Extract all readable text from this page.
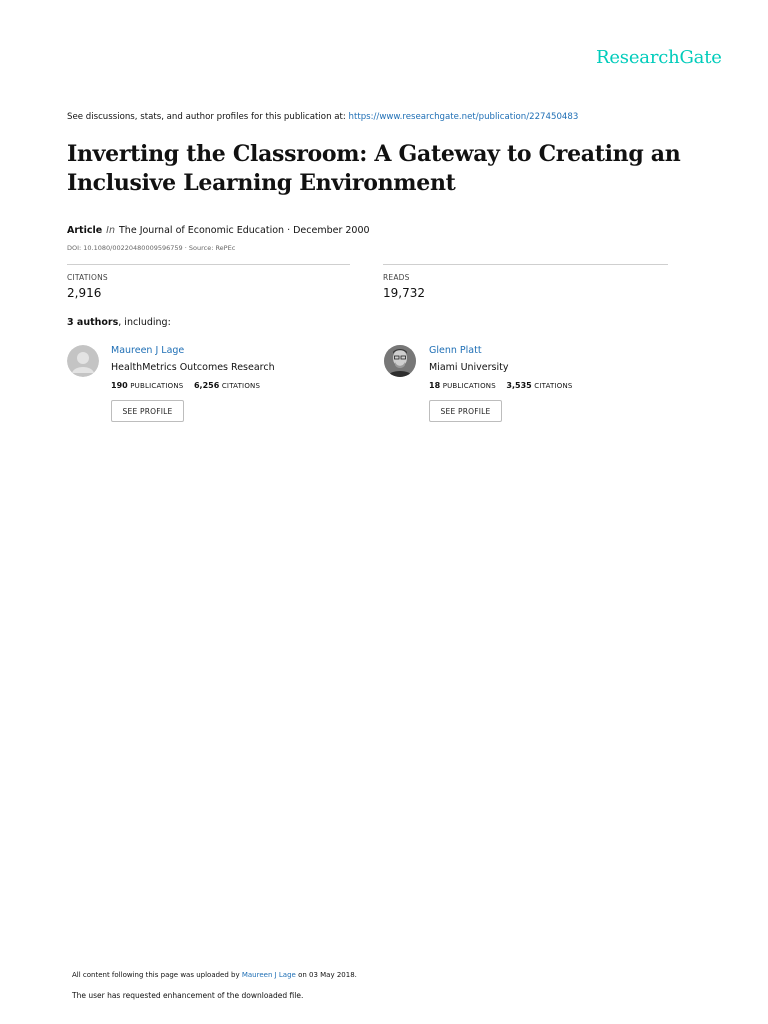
ResearchGate
See discussions, stats, and author profiles for this publication at: https://www.researchgate.net/publication/227450483
Inverting the Classroom: A Gateway to Creating an Inclusive Learning Environment
Article In The Journal of Economic Education · December 2000
DOI: 10.1080/00220480009596759 · Source: RePEc
CITATIONS
2,916
READS
19,732
3 authors, including:
Maureen J Lage
HealthMetrics Outcomes Research
190 PUBLICATIONS 6,256 CITATIONS
SEE PROFILE
Glenn Platt
Miami University
18 PUBLICATIONS 3,535 CITATIONS
SEE PROFILE
All content following this page was uploaded by Maureen J Lage on 03 May 2018.
The user has requested enhancement of the downloaded file.
